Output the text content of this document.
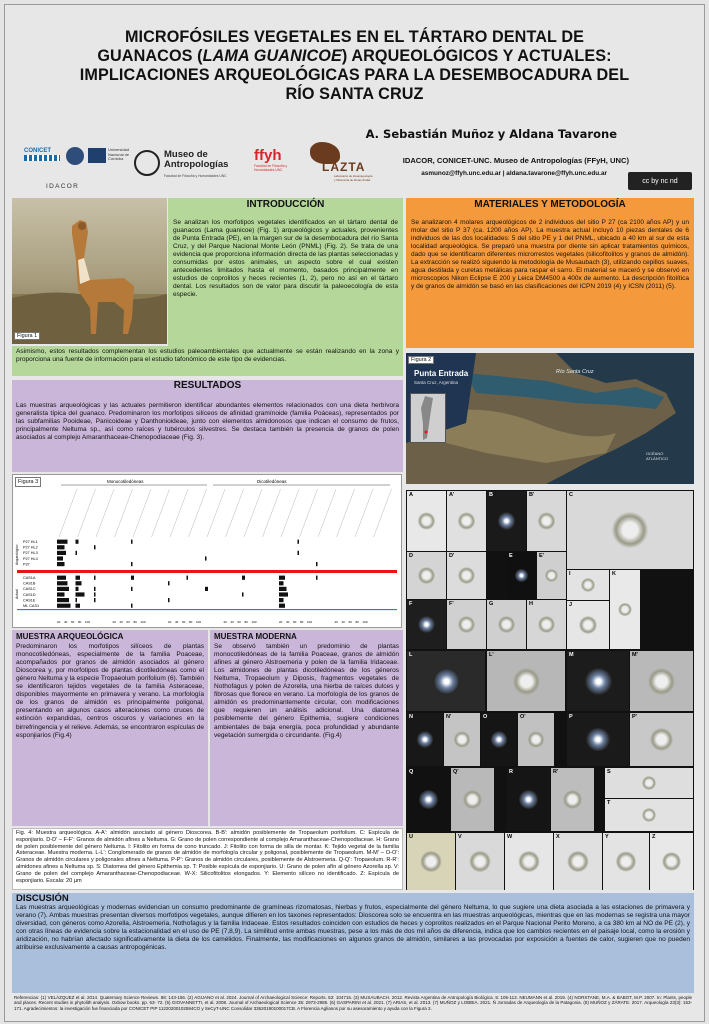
MICROFÓSILES VEGETALES EN EL TÁRTARO DENTAL DE
GUANACOS (LAMA GUANICOE) ARQUEOLÓGICOS Y ACTUALES:
IMPLICACIONES ARQUEOLÓGICAS PARA LA DESEMBOCADURA DEL
RÍO SANTA CRUZ
CONICET	Universidad Nacional de Córdoba
IDACOR
Museo de
Antropologías
Facultad de Filosofía y Humanidades UNC
ffyh
Facultad de Filosofía y Humanidades UNC	LAZTA
Laboratorio de Zooarqueología y Tafonomía de Zonas Áridas
A. Sebastián Muñoz y Aldana Tavarone
IDACOR, CONICET-UNC. Museo de Antropologías (FFyH, UNC)
asmunoz@ffyh.unc.edu.ar | aldana.tavarone@ffyh.unc.edu.ar
cc by nc nd
Figura 1
INTRODUCCIÓN

Se analizan los morfotipos vegetales identificados en el tártaro dental de guanacos (Lama guanicoe) (Fig. 1) arqueológicos y actuales, provenientes de Punta Entrada (PE), en la margen sur de la desembocadura del río Santa Cruz, y del Parque Nacional Monte León (PNML) (Fig. 2). Se trata de una evidencia que proporciona información directa de las plantas seleccionadas y consumidas por estos animales, un aspecto sobre el cual existen antecedentes limitados hasta el momento, basados principalmente en estudios de coprolitos y heces recientes (1, 2), pero no así en el tártaro dental. Los resultados son de valor para discutir la paleoecología de esta especie.

Asimismo, estos resultados complementan los estudios paleoambientales que actualmente se están realizando en la zona y proporciona una fuente de información para el estudio tafonómico de este tipo de evidencias.

MATERIALES Y METODOLOGÍA

Se analizaron 4 molares arqueológicos de 2 individuos del sitio P 27 (ca 2100 años AP) y un molar del sitio P 37 (ca. 1200 años AP). La muestra actual incluyó 10 piezas dentales de 6 individuos de las dos localidades: 5 del sitio PE y 1 del PNML, ubicado a 40 km al sur de esta localidad arqueológica. Se preparó una muestra por diente sin aplicar tratamientos químicos, dado que se identificaron diferentes microrrestos vegetales (silicofitolitos y granos de almidón). La extracción se realizó siguiendo la metodología de Musaubach (3), utilizando cepillos suaves, agua destilada y curetas metálicas para raspar el sarro. El material se maceró y se observó en microscopios Nikon Eclipse E 200 y Leica DM4500 a 400x de aumento. La descripción fitolítica y de granos de almidón se basó en las clasificaciones del ICPN 2019 (4) y ICSN (2011) (5).

Figura 2
Punta Entrada
Santa Cruz, Argentina
Río Santa Cruz
OCÉANO ATLÁNTICO
RESULTADOS

Las muestras arqueológicas y las actuales permitieron identificar abundantes elementos relacionados con una dieta herbívora generalista típica del guanaco. Predominaron los morfotipos silíceos de afinidad gramínoide (familia Poáceas), representados por las subfamilias Pooideae, Panicoideae y Danthonioideae, junto con elementos almidonosos que indican el consumo de frutos, principalmente Neltuma sp., así como raíces y tubérculos silvestres. Se destaca también la presencia de granos de polen asociados al complejo Amaranthaceae-Chenopodiaceae (Fig. 3).

Figura 3	Monocotiledóneas	Dicotiledóneas
P27 HL1
P27 HL2
P27 HL3
P27 HL4
P37
CAS1A
CAS1B
CAS1C
CAS1D
CAS1E
ML CAS1
Arqueológico
Actual
20 40 60 80 100	20 40 60 80 100	20 40 60 80 100	20 40 60 80 100	20 40 60 80 100	20 40 60 80 100
MUESTRA ARQUEOLÓGICA

Predominaron los morfotipos silíceos de plantas monocotiledóneas, especialmente de la familia Poaceae, acompañados por granos de almidón asociados al género Dioscorea y, por morfotipos de plantas dicotiledóneas como el género Neltuma y la especie Tropaeolum porifolium (6). También se identificaron tejidos vegetales de la familia Asteraceae, disponibles mayormente en primavera y verano. La morfología de los granos de almidón es principalmente poligonal, presentando en algunos casos alteraciones como cruces de extinción expandidas, centros oscuros y variaciones en la birrefringencia y el relieve. Además, se encontraron espículas de esponjiarios (Fig.4)

MUESTRA MODERNA

Se observó también un predominio de plantas monocotiledóneas de la familia Poaceae, granos de almidón afines al género Alstroemeria y polen de la familia Iridaceae. Los almidones de plantas dicotiledóneas de los géneros Neltuma, Tropaeolum y Diposis, fragmentos vegetales de Nothofagus y polen de Azorella, una hierba de raíces dulces y fibrosas que florece en verano. La morfología de los granos de almidón es predominantemente circular, con modificaciones que requieren un análisis adicional. Una diatomea posiblemente del género Epithemia, sugiere condiciones ambientales de baja energía, poca profundidad y abundante vegetación sumergida o circundante. (Fig.4)

Fig. 4: Muestra arqueológica. A-A': almidón asociado al género Dioscorea. B-B': almidón posiblemente de Tropaeolum porifolium. C: Espícula de esponjiario. D-D' – F-F': Granos de almidón afines a Neltuma. G: Grano de polen correspondiente al complejo Amaranthaceae-Chenopodiaceae. H: Grano de polen posiblemente del género Neltuma. I: Fitolito en forma de cono truncado. J: Fitolito con forma de silla de montar. K: Tejido vegetal de la familia Asteraceae. Muestra moderna. L-L': Conglomerado de granos de almidón de morfología circular y poligonal, posiblemente de Tropaeolum. M-M' – O-O': Granos de almidón circulares y poligonales afines a Neltuma. P-P': Granos de almidón circulares, posiblemente de Alstroemeria. Q-Q': Tropaeolum. R-R': almidones afines a Neltuma sp. S: Diatomea del género Epithemia sp. T: Posible espícula de esponjiario. U: Grano de polen afín al género Azorella sp. V: Grano de polen del complejo Amaranthaceae-Chenopodiaceae. W-X: Silicofitolitos elongados. Y: Elemento silíceo no identificado. Z: Espícula de esponjiario. Escala: 20 µm

A	A'	B	B'	C
D	D'	E	E'
F	F'	G	H
I
J
K
L	L'	M	M'
N	N'	O	O'	P	P'
Q	Q'	R	R'	S
T
U	V	W	X	Y	Z
DISCUSIÓN

Las muestras arqueológicas y modernas evidencian un consumo predominante de gramíneas rizomatosas, hierbas y frutos, especialmente del género Neltuma, lo que sugiere una dieta asociada a las estaciones de primavera y verano (7). Ambas muestras presentan diversos morfotipos vegetales, aunque difieren en los taxones representados: Dioscorea solo se encuentra en las muestras arqueológicas, mientras que en las modernas se registra una mayor diversidad, con géneros como Azorella, Alstroemeria, Nothofagus y la familia Iridaceae. Estos resultados coinciden con estudios de heces y coprolitos realizados en el Parque Nacional Perito Moreno, a ca 380 km al NO de PE (2), y con otras líneas de evidencia sobre la estacionalidad en el uso de PE (7,8,9). La similitud entre ambas muestras, pese a los más de dos mil años de diferencia, indica que los cambios recientes en el paisaje local, como la erosión y aridización, no habrían afectado significativamente la dieta de los camélidos. Finalmente, las modificaciones en algunos granos de almidón, similares a las provocadas por exposición a fuentes de calor, sugieren que no pueden atribuirse exclusivamente a causas antropogénicas.

Referencias: (1) VELÁZQUEZ et al. 2014. Quaternary Science Reviews. 88: 143-156. (2) AGUANO et al. 2024. Journal of Archaeological Science: Reports. 53: 104715. (3) MUSAUBACH. 2012. Revista Argentina de Antropología Biológica. 5: 105-113. NEUMANN et al. 2019. (4) NORSTANE, M.A. & BABOT, M.P. 2007. In: Plants, people and places. Recent studies in phytolith analysis. Oxbow books. pp. 63- 72. (5) GIOVANNETTI, et al. 2008. Journal of Archaeological Science 35: 2973-2985. (6) GASPARINI et al. 2021. (7) ARIAS, et al. 2013. (7) MUÑOZ y LOBBIA. 2021. Ñ Jornadas de Arqueología de la Patagonia. (8) MUÑOZ y ZÁRATE. 2017. Arqueología 23(3): 153-171. Agradecimientos: la investigación fue financiada por CONICET PIP 11220200102594CO y SeCyT-UNC Consolidar 33620190100017CB. A Florencia Aglianos por su asesoramiento y ayuda con la Figura 3.
